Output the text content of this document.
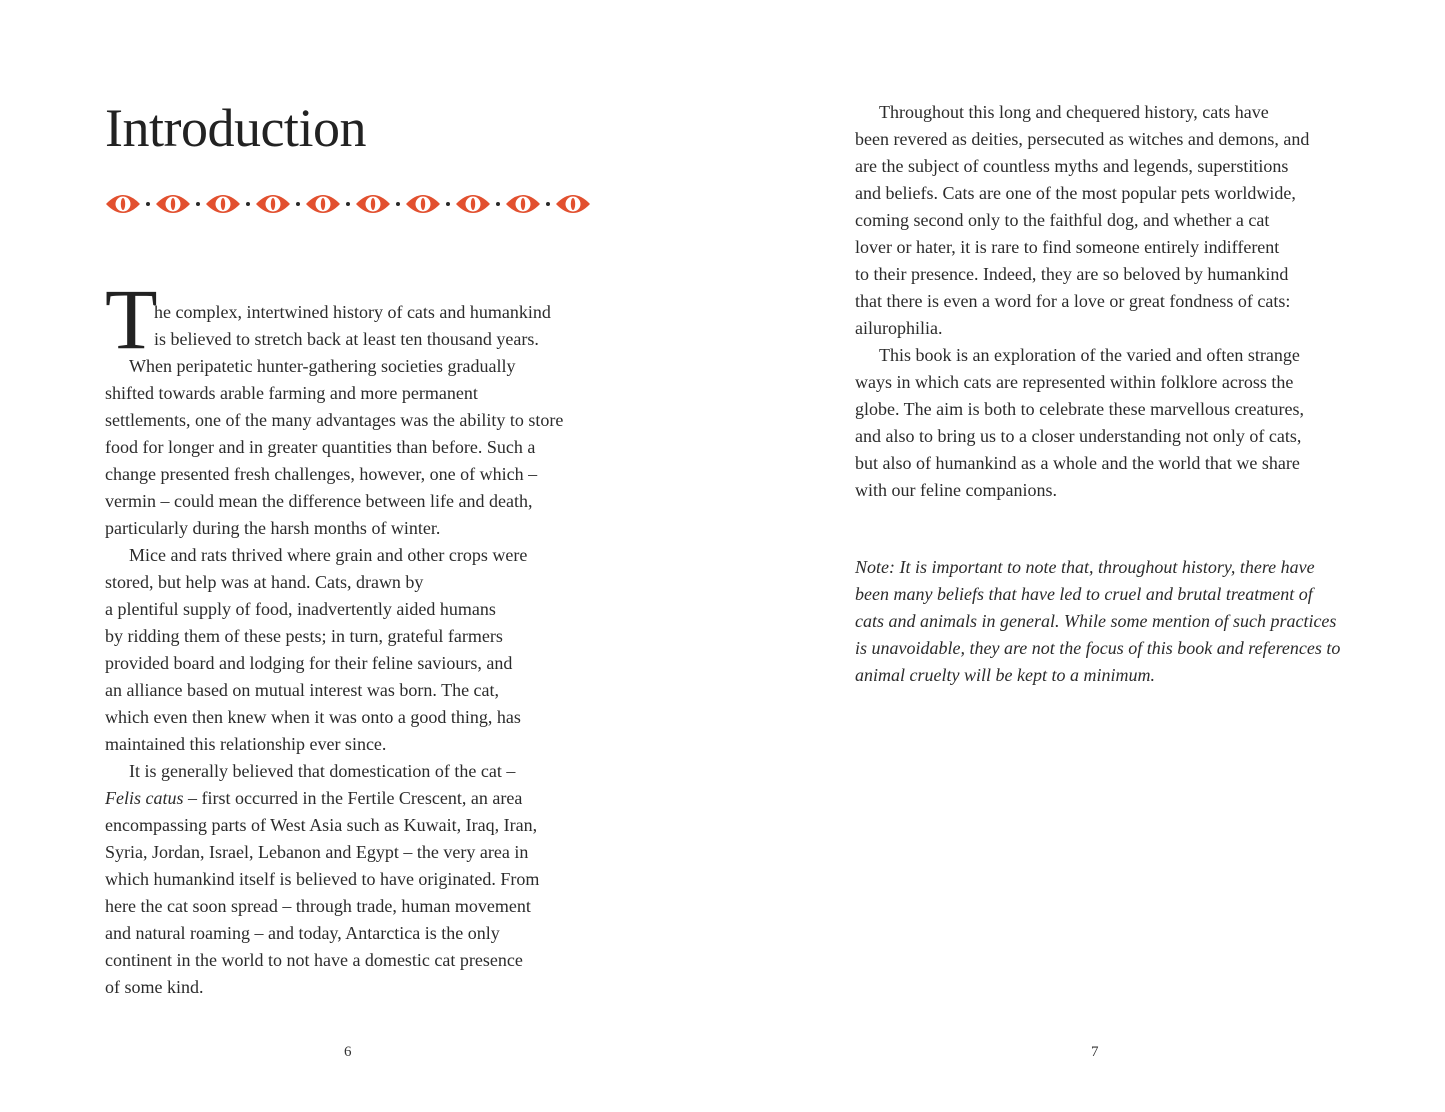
Introduction
T
he complex, intertwined history of cats and humankind
is believed to stretch back at least ten thousand years.
When peripatetic hunter-gathering societies gradually
shifted towards arable farming and more permanent
settlements, one of the many advantages was the ability to store
food for longer and in greater quantities than before. Such a
change presented fresh challenges, however, one of which –
vermin – could mean the difference between life and death,
particularly during the harsh months of winter.
Mice and rats thrived where grain and other crops were
stored, but help was at hand. Cats, drawn by
a plentiful supply of food, inadvertently aided humans
by ridding them of these pests; in turn, grateful farmers
provided board and lodging for their feline saviours, and
an alliance based on mutual interest was born. The cat,
which even then knew when it was onto a good thing, has
maintained this relationship ever since.
It is generally believed that domestication of the cat –
Felis catus – first occurred in the Fertile Crescent, an area
encompassing parts of West Asia such as Kuwait, Iraq, Iran,
Syria, Jordan, Israel, Lebanon and Egypt – the very area in
which humankind itself is believed to have originated. From
here the cat soon spread – through trade, human movement
and natural roaming – and today, Antarctica is the only
continent in the world to not have a domestic cat presence
of some kind.
Throughout this long and chequered history, cats have
been revered as deities, persecuted as witches and demons, and
are the subject of countless myths and legends, superstitions
and beliefs. Cats are one of the most popular pets worldwide,
coming second only to the faithful dog, and whether a cat
lover or hater, it is rare to find someone entirely indifferent
to their presence. Indeed, they are so beloved by humankind
that there is even a word for a love or great fondness of cats:
ailurophilia.
This book is an exploration of the varied and often strange
ways in which cats are represented within folklore across the
globe. The aim is both to celebrate these marvellous creatures,
and also to bring us to a closer understanding not only of cats,
but also of humankind as a whole and the world that we share
with our feline companions.
Note: It is important to note that, throughout history, there have
been many beliefs that have led to cruel and brutal treatment of
cats and animals in general. While some mention of such practices
is unavoidable, they are not the focus of this book and references to
animal cruelty will be kept to a minimum.
6	7
